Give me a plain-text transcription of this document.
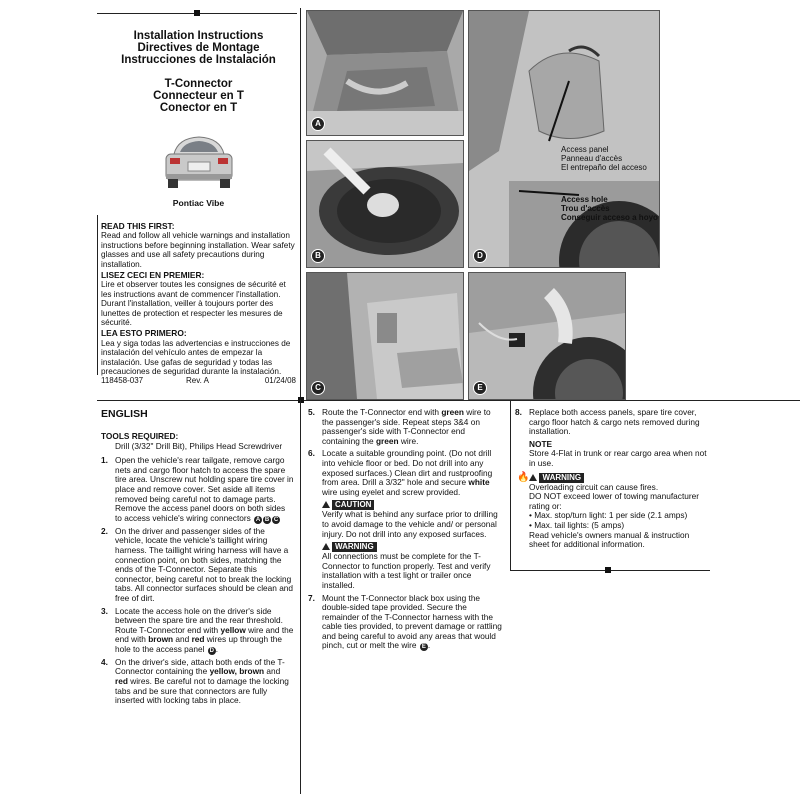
Installation Instructions
Directives de Montage
Instrucciones de Instalación
T-Connector
Connecteur en T
Conector en T
Pontiac Vibe
READ THIS FIRST:

Read and follow all vehicle warnings and installation instructions before beginning installation. Wear safety glasses and use all safety precautions during installation.

LISEZ CECI EN PREMIER:

Lire et observer toutes les consignes de sécurité et les instructions avant de commencer l'installation. Durant l'installation, veiller à toujours porter des lunettes de protection et respecter les mesures de sécurité.

LEA ESTO PRIMERO:

Lea y siga todas las advertencias e instrucciones de instalación del vehículo antes de empezar la instalación. Use gafas de seguridad y todas las precauciones de seguridad durante la instalación.

118458-037	Rev. A	01/24/08
A
B
C
Access panel
Panneau d'accès
El entrepaño del acceso
Access hole
Trou d'accès
Conseguir acceso a hoyo
D
E
ENGLISH
TOOLS REQUIRED:
Drill (3/32" Drill Bit), Philips Head Screwdriver
1. Open the vehicle's rear tailgate, remove cargo nets and cargo floor hatch to access the spare tire area. Unscrew nut holding spare tire cover in place and remove cover. Set aside all items removed being careful not to damage parts. Remove the access panel doors on both sides to access vehicle's wiring connectors A B C
2. On the driver and passenger sides of the vehicle, locate the vehicle's taillight wiring harness. The taillight wiring harness will have a connection point, on both sides, matching the ends of the T-Connector. Separate this connector, being careful not to break the locking tabs. All connector surfaces should be clean and free of dirt.
3. Locate the access hole on the driver's side between the spare tire and the rear threshold. Route T-Connector end with yellow wire and the end with brown and red wires up through the hole to the access panel D .
4. On the driver's side, attach both ends of the T-Connector containing the yellow, brown and red wires. Be careful not to damage the locking tabs and be sure that connectors are fully inserted with locking tabs in place.
5. Route the T-Connector end with green wire to the passenger's side. Repeat steps 3&4 on passenger's side with T-Connector end containing the green wire.
6. Locate a suitable grounding point. (Do not drill into vehicle floor or bed. Do not drill into any exposed surfaces.) Clean dirt and rustproofing from area. Drill a 3/32" hole and secure white wire using eyelet and screw provided.
CAUTION
Verify what is behind any surface prior to drilling to avoid damage to the vehicle and/ or personal injury. Do not drill into any exposed surfaces.
WARNING
All connections must be complete for the T-Connector to function properly. Test and verify installation with a test light or trailer once installed.
7. Mount the T-Connector black box using the double-sided tape provided. Secure the remainder of the T-Connector harness with the cable ties provided, to prevent damage or rattling and being careful to avoid any areas that would pinch, cut or melt the wire E .
8. Replace both access panels, spare tire cover, cargo floor hatch & cargo nets removed during installation.
NOTE
Store 4-Flat in trunk or rear cargo area when not in use.
🔥 WARNING
Overloading circuit can cause fires.
DO NOT exceed lower of towing manufacturer rating or:
• Max. stop/turn light: 1 per side (2.1 amps)
• Max. tail lights: (5 amps)
Read vehicle's owners manual & instruction sheet for additional information.
